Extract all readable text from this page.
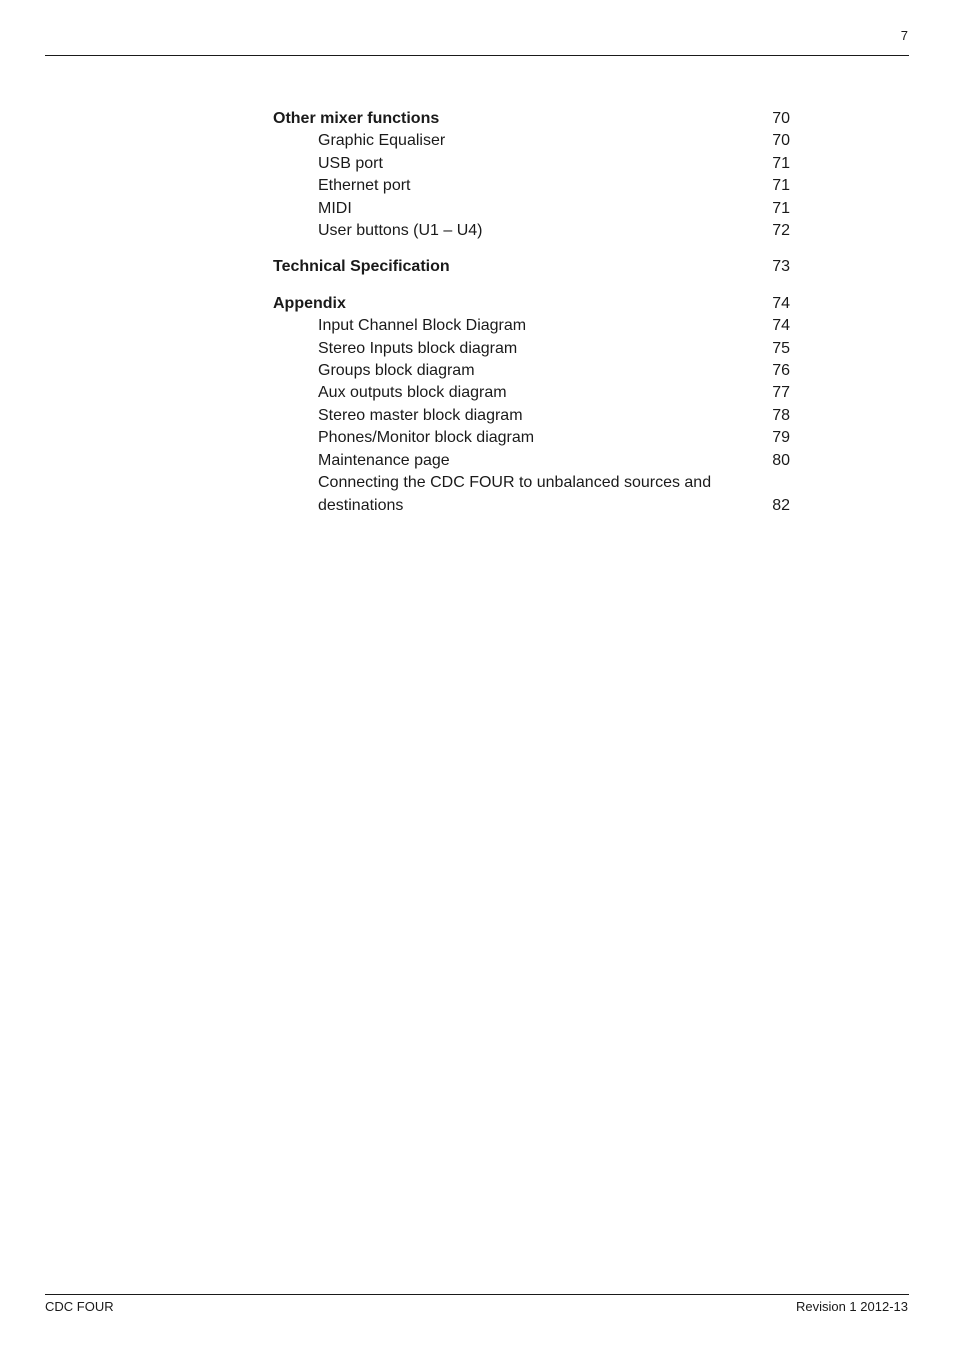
7
Other mixer functions	70
Graphic Equaliser	70
USB port	71
Ethernet port	71
MIDI	71
User buttons (U1 – U4)	72
Technical Specification	73
Appendix	74
Input Channel Block Diagram	74
Stereo Inputs block diagram	75
Groups block diagram	76
Aux outputs block diagram	77
Stereo master block diagram	78
Phones/Monitor block diagram	79
Maintenance page	80
Connecting the CDC FOUR to unbalanced sources and destinations	82
CDC FOUR	Revision 1 2012-13
